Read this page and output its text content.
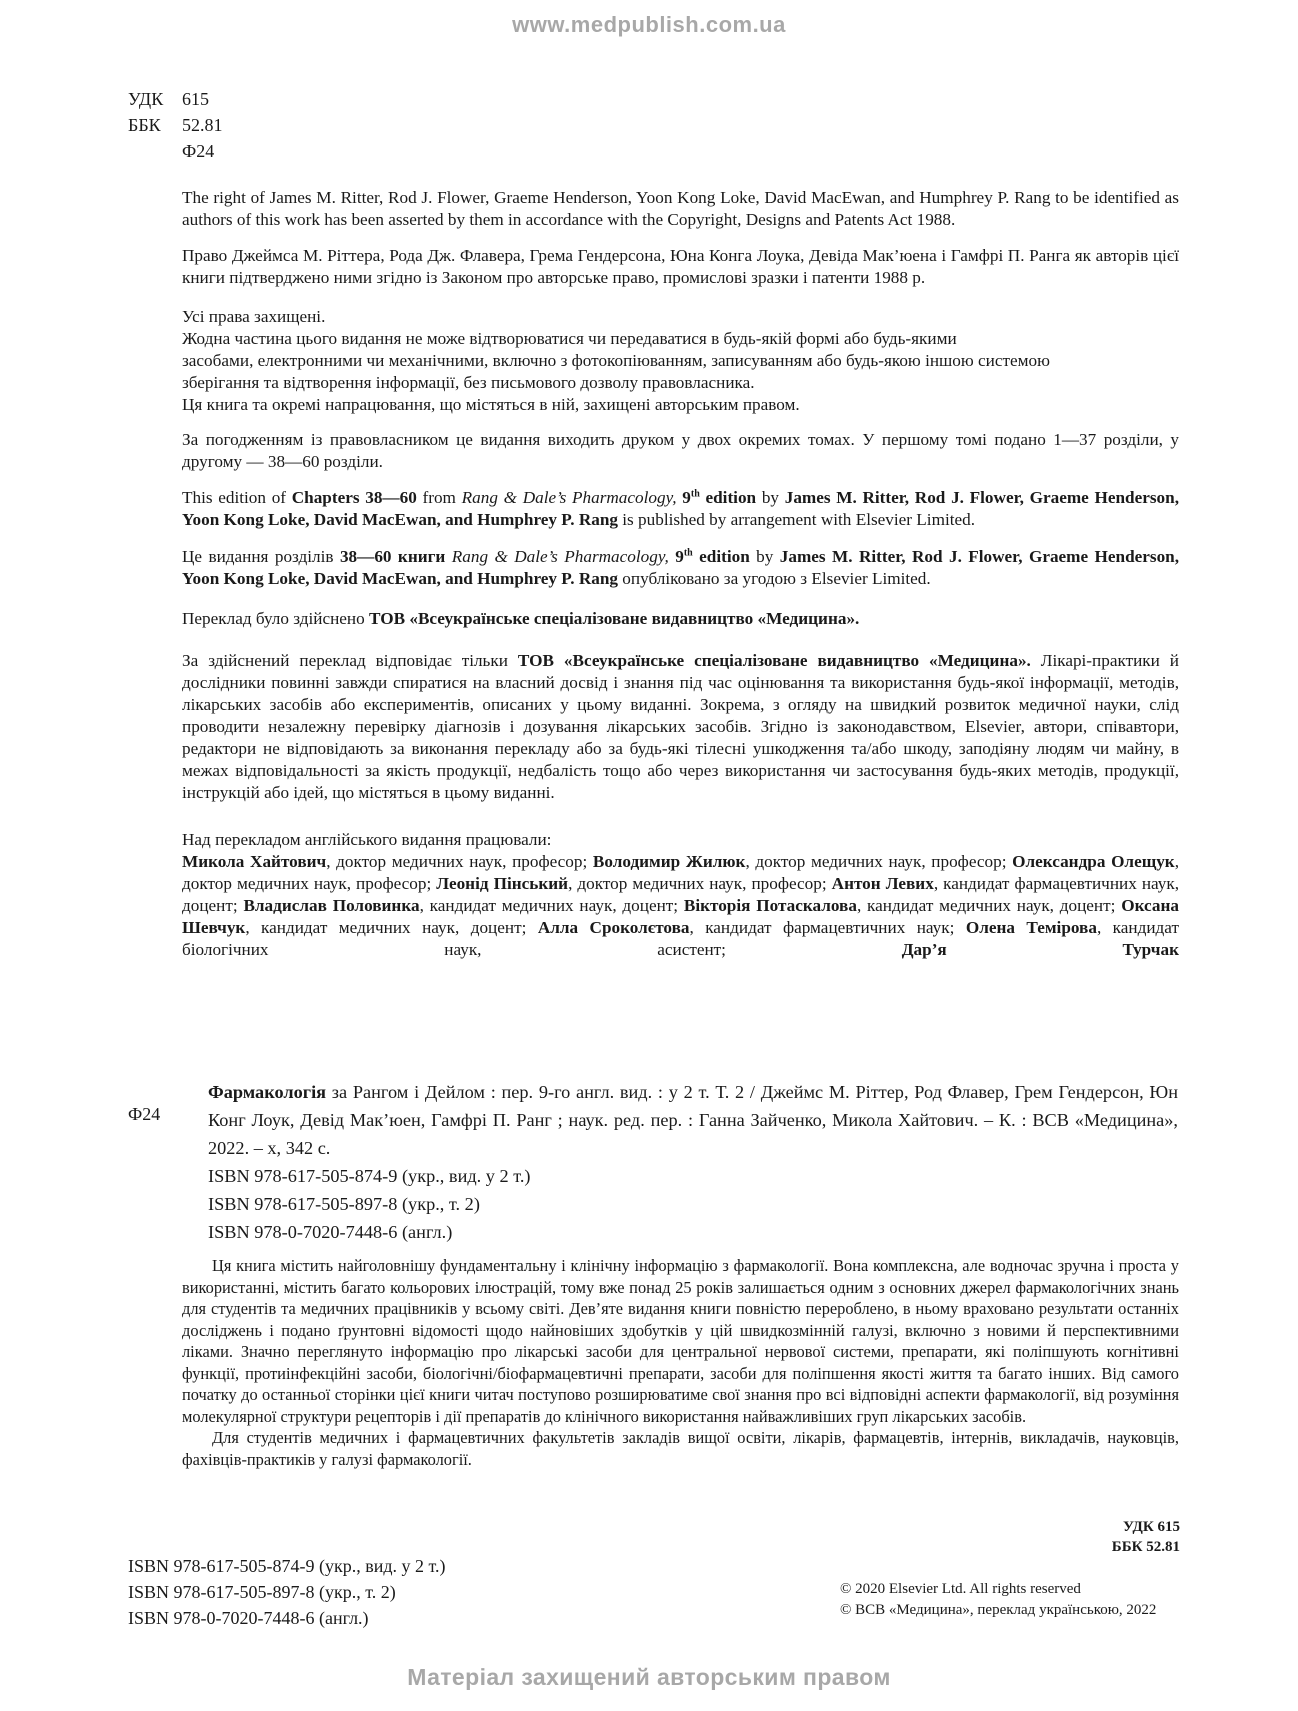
www.medpublish.com.ua
УДК 615
ББК 52.81
Ф24

The right of James M. Ritter, Rod J. Flower, Graeme Henderson, Yoon Kong Loke, David MacEwan, and Humphrey P. Rang to be identified as authors of this work has been asserted by them in accordance with the Copyright, Designs and Patents Act 1988.

Право Джеймса М. Ріттера, Рода Дж. Флавера, Грема Гендерсона, Юна Конга Лоука, Девіда Мак’юена і Гамфрі П. Ранга як авторів цієї книги підтверджено ними згідно із Законом про авторське право, промислові зразки і патенти 1988 р.

Усі права захищені.
Жодна частина цього видання не може відтворюватися чи передаватися в будь-якій формі або будь-якими
засобами, електронними чи механічними, включно з фотокопіюванням, записуванням або будь-якою іншою системою
зберігання та відтворення інформації, без письмового дозволу правовласника.
Ця книга та окремі напрацювання, що містяться в ній, захищені авторським правом.

За погодженням із правовласником це видання виходить друком у двох окремих томах. У першому томі подано 1—37 розділи, у другому — 38—60 розділи.

This edition of Chapters 38—60 from Rang & Dale’s Pharmacology, 9th edition by James M. Ritter, Rod J. Flower, Graeme Henderson, Yoon Kong Loke, David MacEwan, and Humphrey P. Rang is published by arrangement with Elsevier Limited.

Це видання розділів 38—60 книги Rang & Dale’s Pharmacology, 9th edition by James M. Ritter, Rod J. Flower, Graeme Henderson, Yoon Kong Loke, David MacEwan, and Humphrey P. Rang опубліковано за угодою з Elsevier Limited.

Переклад було здійснено ТОВ «Всеукраїнське спеціалізоване видавництво «Медицина».

За здійснений переклад відповідає тільки ТОВ «Всеукраїнське спеціалізоване видавництво «Медицина». Лікарі-практики й дослідники повинні завжди спиратися на власний досвід і знання під час оцінювання та використання будь-якої інформації, методів, лікарських засобів або експериментів, описаних у цьому виданні. Зокрема, з огляду на швидкий розвиток медичної науки, слід проводити незалежну перевірку діагнозів і дозування лікарських засобів. Згідно із законодавством, Elsevier, автори, співавтори, редактори не відповідають за виконання перекладу або за будь-які тілесні ушкодження та/або шкоду, заподіяну людям чи майну, в межах відповідальності за якість продукції, недбалість тощо або через використання чи застосування будь-яких методів, продукції, інструкцій або ідей, що містяться в цьому виданні.

Над перекладом англійського видання працювали:

Микола Хайтович, доктор медичних наук, професор; Володимир Жилюк, доктор медичних наук, професор; Олександра Олещук, доктор медичних наук, професор; Леонід Пінський, доктор медичних наук, професор; Антон Левих, кандидат фармацевтичних наук, доцент; Владислав Половинка, кандидат медичних наук, доцент; Вікторія Потаскалова, кандидат медичних наук, доцент; Оксана Шевчук, кандидат медичних наук, доцент; Алла Сроколєтова, кандидат фармацевтичних наук; Олена Темірова, кандидат біологічних наук, асистент; Дар’я Турчак

Ф24

Фармакологія за Рангом і Дейлом : пер. 9-го англ. вид. : у 2 т. Т. 2 / Джеймс М. Ріттер, Род Флавер, Грем Гендерсон, Юн Конг Лоук, Девід Мак’юен, Гамфрі П. Ранг ; наук. ред. пер. : Ганна Зайченко, Микола Хайтович. – К. : ВСВ «Медицина», 2022. – x, 342 с.

ISBN 978-617-505-874-9 (укр., вид. у 2 т.)
ISBN 978-617-505-897-8 (укр., т. 2)
ISBN 978-0-7020-7448-6 (англ.)

Ця книга містить найголовнішу фундаментальну і клінічну інформацію з фармакології. Вона комплексна, але водночас зручна і проста у використанні, містить багато кольорових ілюстрацій, тому вже понад 25 років залишається одним з основних джерел фармакологічних знань для студентів та медичних працівників у всьому світі. Дев’яте видання книги повністю перероблено, в ньому враховано результати останніх досліджень і подано ґрунтовні відомості щодо найновіших здобутків у цій швидкозмінній галузі, включно з новими й перспективними ліками. Значно переглянуто інформацію про лікарські засоби для центральної нервової системи, препарати, які поліпшують когнітивні функції, протиінфекційні засоби, біологічні/біофармацевтичні препарати, засоби для поліпшення якості життя та багато інших. Від самого початку до останньої сторінки цієї книги читач поступово розширюватиме свої знання про всі відповідні аспекти фармакології, від розуміння молекулярної структури рецепторів і дії препаратів до клінічного використання найважливіших груп лікарських засобів.

Для студентів медичних і фармацевтичних факультетів закладів вищої освіти, лікарів, фармацевтів, інтернів, викладачів, науковців, фахівців-практиків у галузі фармакології.

УДК 615
ББК 52.81
ISBN 978-617-505-874-9 (укр., вид. у 2 т.)
ISBN 978-617-505-897-8 (укр., т. 2)
ISBN 978-0-7020-7448-6 (англ.)
© 2020 Elsevier Ltd. All rights reserved
© ВСВ «Медицина», переклад українською, 2022
Матеріал захищений авторським правом
